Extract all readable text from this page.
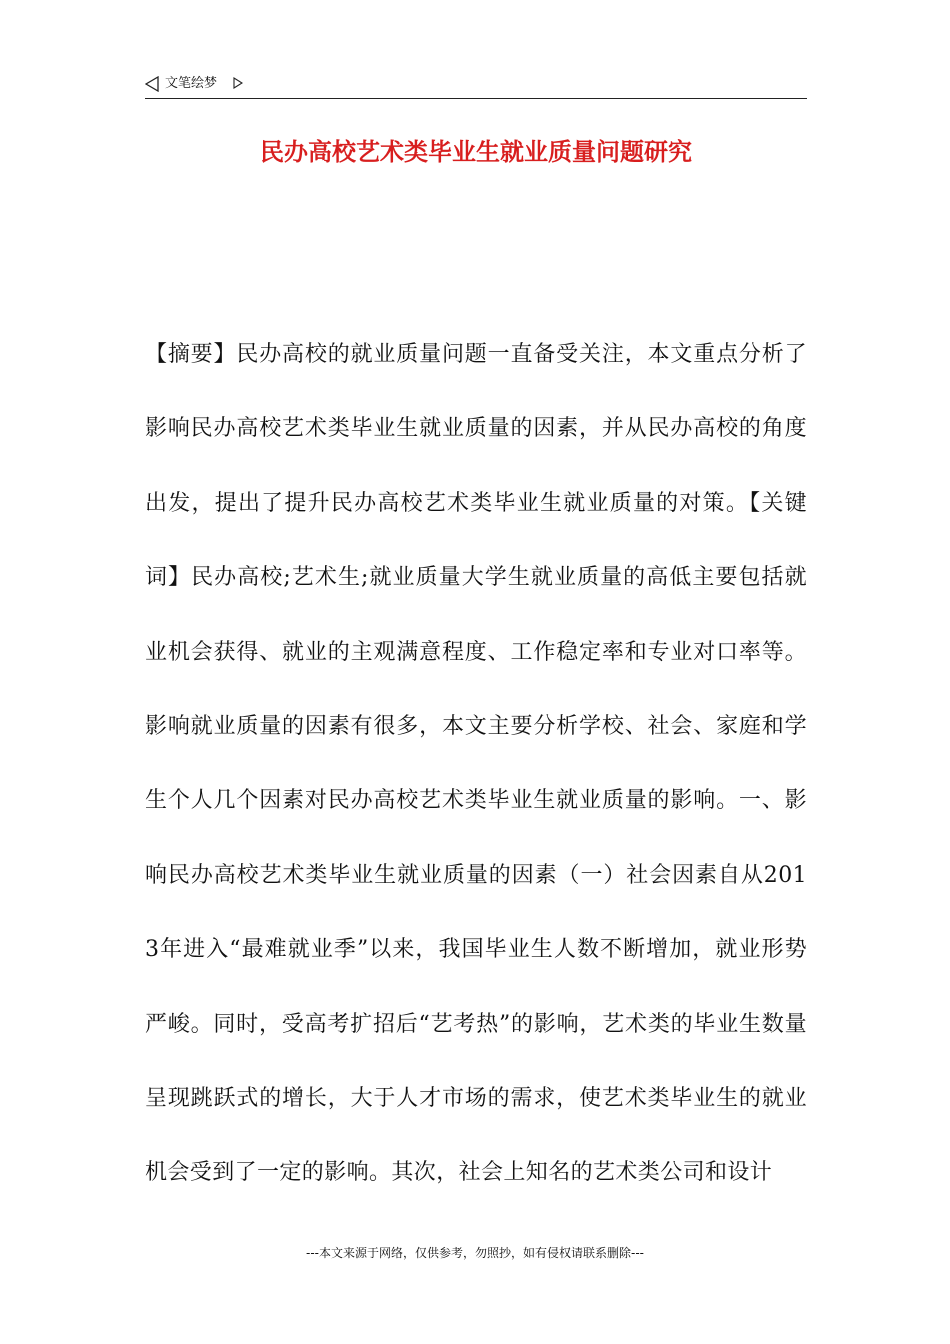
文笔绘梦
民办高校艺术类毕业生就业质量问题研究

【摘要】民办高校的就业质量问题一直备受关注，本文重点分析了影响民办高校艺术类毕业生就业质量的因素，并从民办高校的角度出发，提出了提升民办高校艺术类毕业生就业质量的对策。【关键词】民办高校;艺术生;就业质量大学生就业质量的高低主要包括就业机会获得、就业的主观满意程度、工作稳定率和专业对口率等。影响就业质量的因素有很多，本文主要分析学校、社会、家庭和学生个人几个因素对民办高校艺术类毕业生就业质量的影响。一、影响民办高校艺术类毕业生就业质量的因素（一）社会因素自从2013年进入“最难就业季”以来，我国毕业生人数不断增加，就业形势严峻。同时，受高考扩招后“艺考热”的影响，艺术类的毕业生数量呈现跳跃式的增长，大于人才市场的需求，使艺术类毕业生的就业机会受到了一定的影响。其次，社会上知名的艺术类公司和设计

---本文来源于网络，仅供参考，勿照抄，如有侵权请联系删除---
